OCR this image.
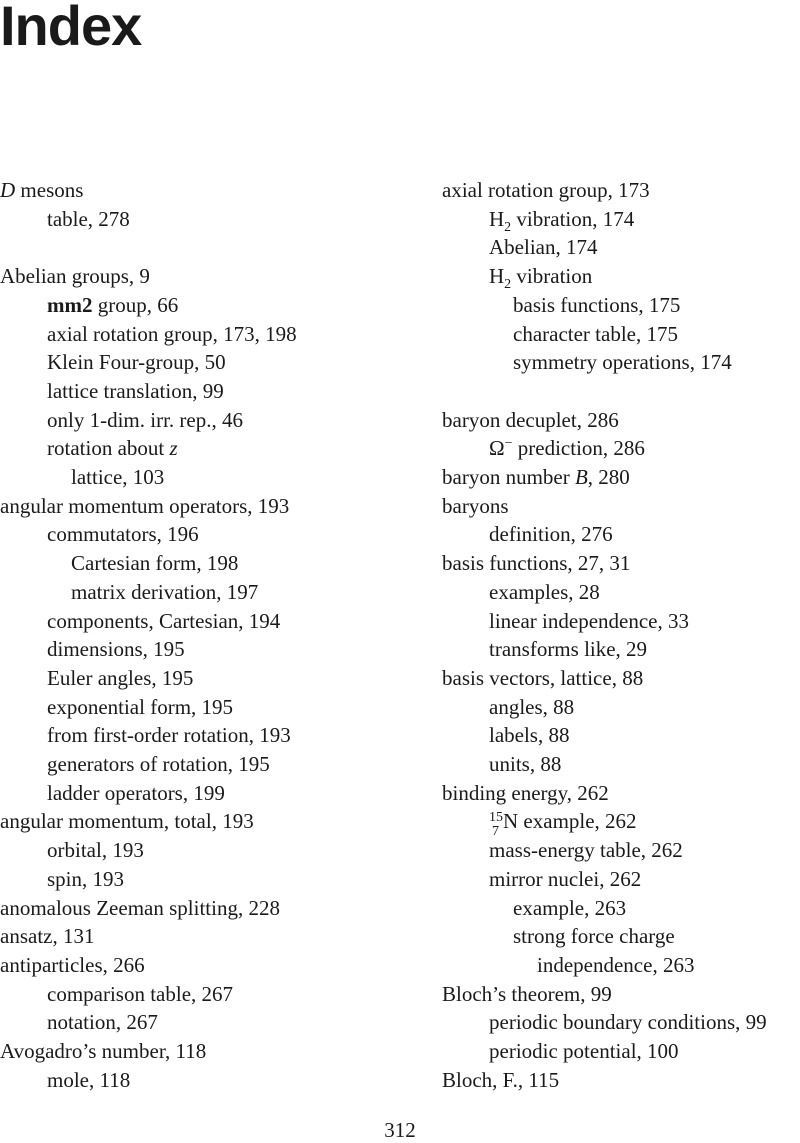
Index
D mesons
table, 278
Abelian groups, 9
mm2 group, 66
axial rotation group, 173, 198
Klein Four-group, 50
lattice translation, 99
only 1-dim. irr. rep., 46
rotation about z
lattice, 103
angular momentum operators, 193
commutators, 196
Cartesian form, 198
matrix derivation, 197
components, Cartesian, 194
dimensions, 195
Euler angles, 195
exponential form, 195
from first-order rotation, 193
generators of rotation, 195
ladder operators, 199
angular momentum, total, 193
orbital, 193
spin, 193
anomalous Zeeman splitting, 228
ansatz, 131
antiparticles, 266
comparison table, 267
notation, 267
Avogadro’s number, 118
mole, 118
axial rotation group, 173
$H_2$ vibration, 174
Abelian, 174
$H_2$ vibration
basis functions, 175
character table, 175
symmetry operations, 174
baryon decuplet, 286
Ω− prediction, 286
baryon number B, 280
baryons
definition, 276
basis functions, 27, 31
examples, 28
linear independence, 33
transforms like, 29
basis vectors, lattice, 88
angles, 88
labels, 88
units, 88
binding energy, 262
15
7 N example, 262
mass-energy table, 262
mirror nuclei, 262
example, 263
strong force charge
independence, 263
Bloch’s theorem, 99
periodic boundary conditions, 99
periodic potential, 100
Bloch, F., 115
312
